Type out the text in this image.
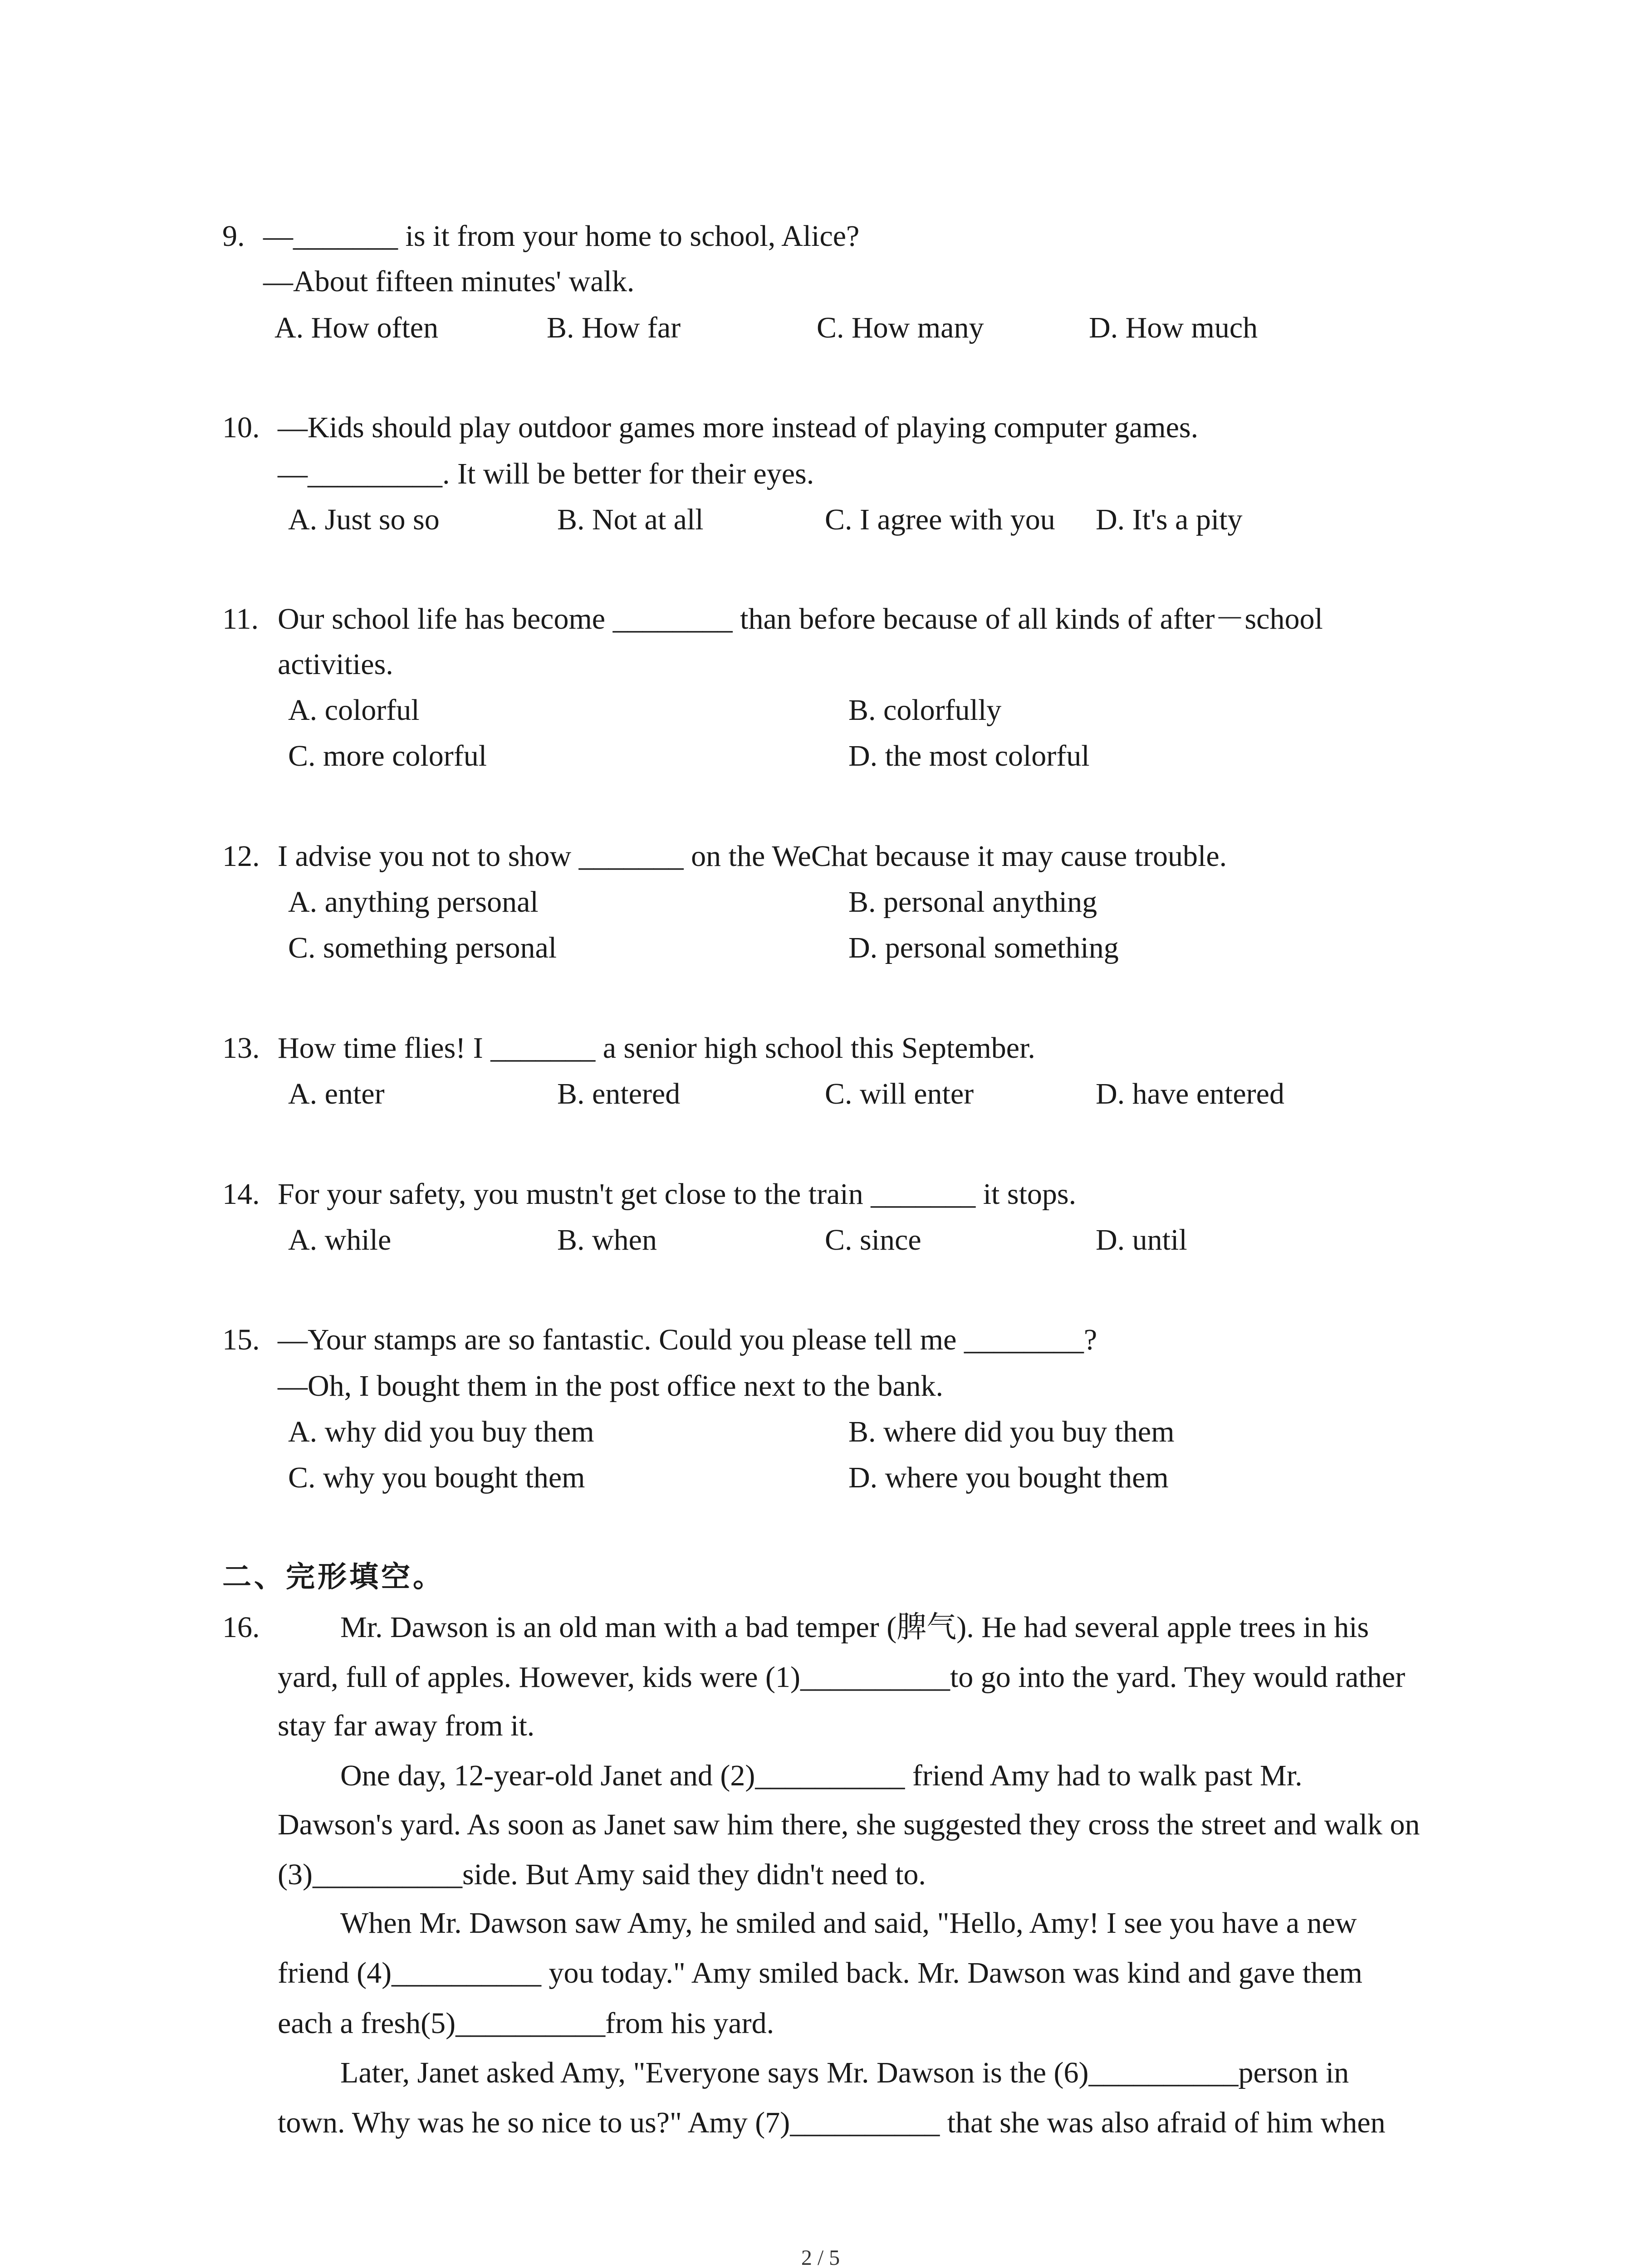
9. —_______ is it from your home to school, Alice?
—About fifteen minutes' walk.
A. How often	B. How far	C. How many	D. How much
10. —Kids should play outdoor games more instead of playing computer games.
—_________. It will be better for their eyes.
A. Just so so	B. Not at all	C. I agree with you D. It's a pity
11. Our school life has become ________ than before because of all kinds of after－school
activities.
A. colorful	B. colorfully
C. more colorful	D. the most colorful
12. I advise you not to show _______ on the WeChat because it may cause trouble.
A. anything personal	B. personal anything
C. something personal	D. personal something
13. How time flies! I _______ a senior high school this September.
A. enter	B. entered	C. will enter	D. have entered
14. For your safety, you mustn't get close to the train _______ it stops.
A. while	B. when	C. since	D. until
15. —Your stamps are so fantastic. Could you please tell me ________?
—Oh, I bought them in the post office next to the bank.
A. why did you buy them	B. where did you buy them
C. why you bought them	D. where you bought them
二、完形填空。
16.	Mr. Dawson is an old man with a bad temper (脾气). He had several apple trees in his
yard, full of apples. However, kids were (1)__________to go into the yard. They would rather
stay far away from it.
One day, 12-year-old Janet and (2)__________ friend Amy had to walk past Mr.
Dawson's yard. As soon as Janet saw him there, she suggested they cross the street and walk on
(3)__________side. But Amy said they didn't need to.
When Mr. Dawson saw Amy, he smiled and said, "Hello, Amy! I see you have a new
friend (4)__________ you today." Amy smiled back. Mr. Dawson was kind and gave them
each a fresh(5)__________from his yard.
Later, Janet asked Amy, "Everyone says Mr. Dawson is the (6)__________person in
town. Why was he so nice to us?" Amy (7)__________ that she was also afraid of him when
2 / 5
